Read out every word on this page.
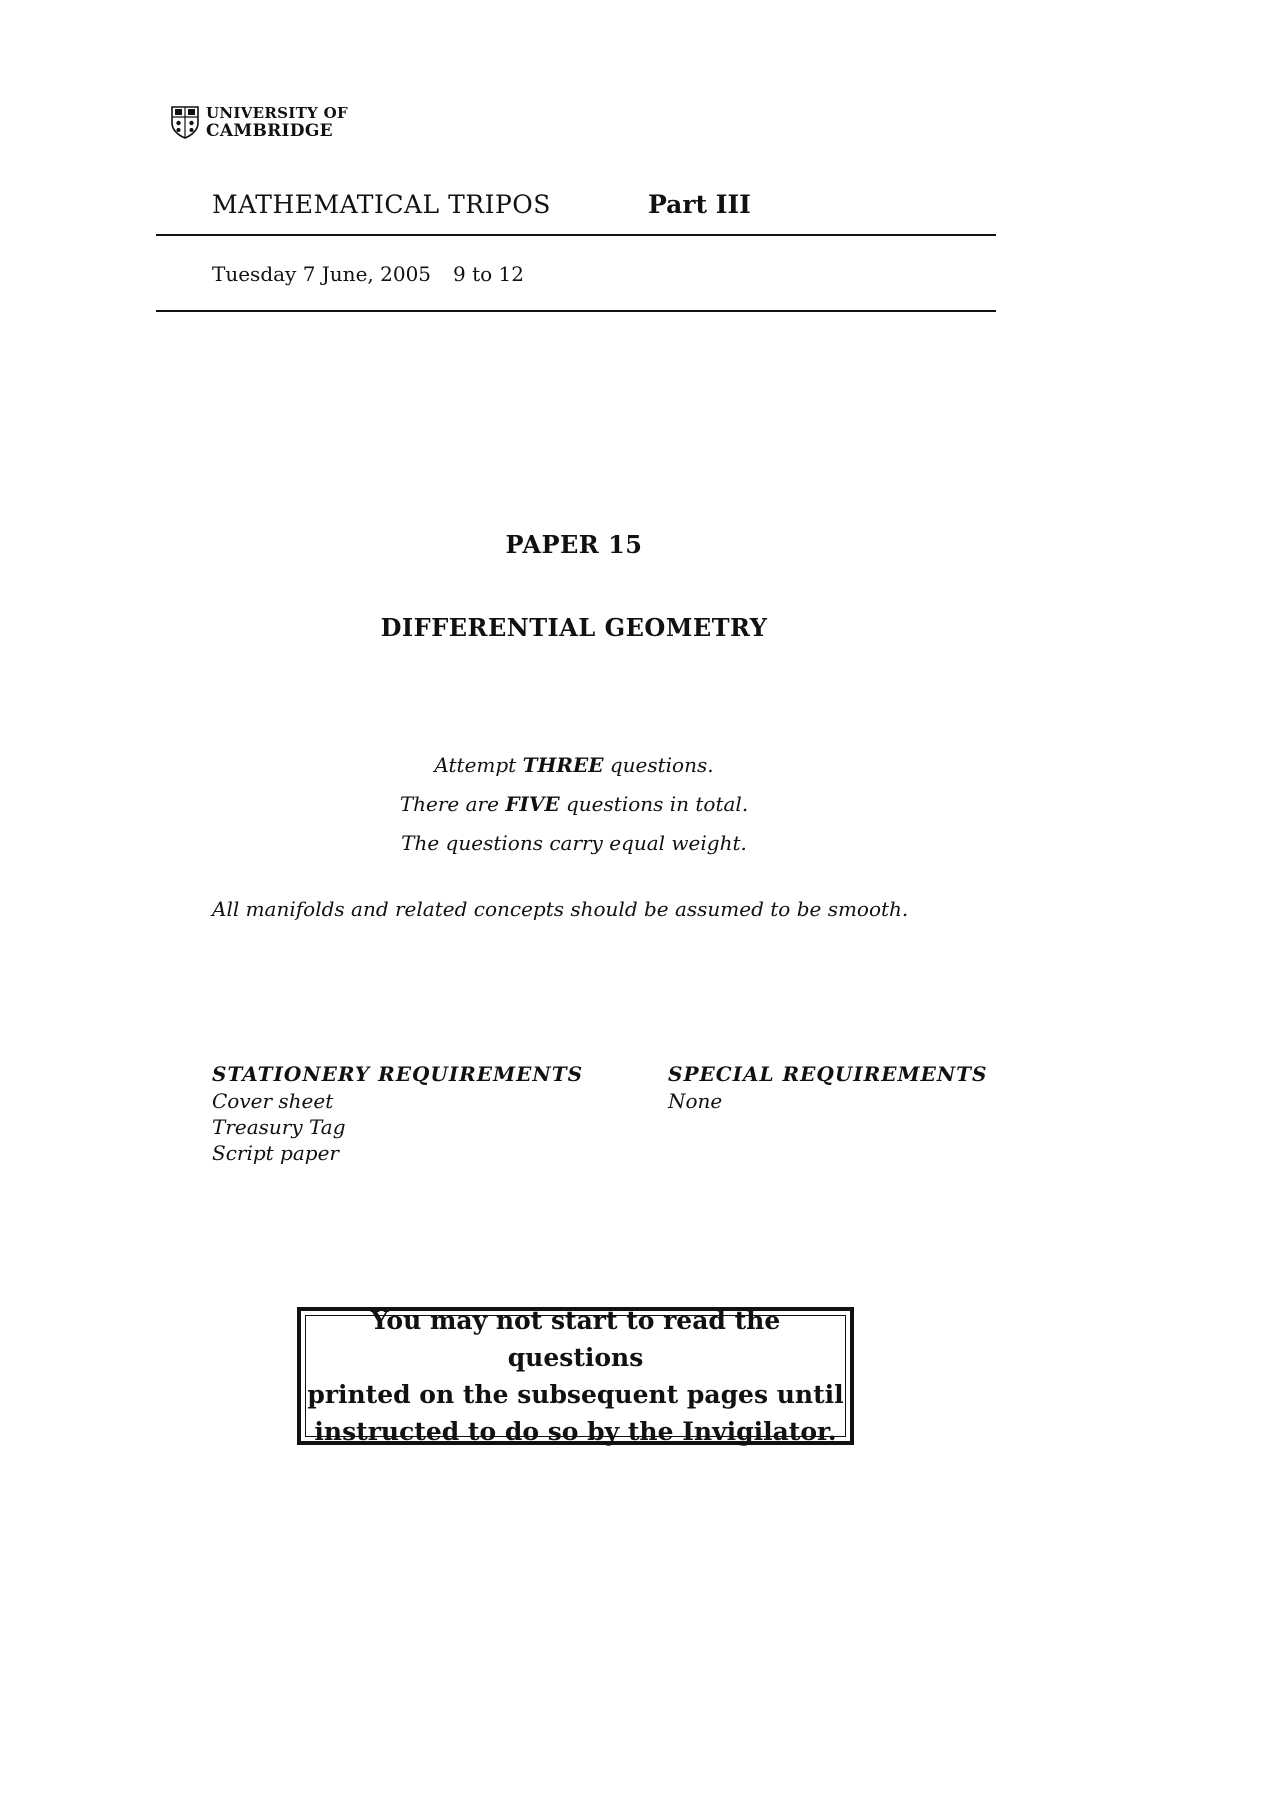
UNIVERSITY OF
CAMBRIDGE
MATHEMATICAL TRIPOS	Part III
Tuesday 7 June, 2005 9 to 12
PAPER 15
DIFFERENTIAL GEOMETRY
Attempt THREE questions.
There are FIVE questions in total.
The questions carry equal weight.
All manifolds and related concepts should be assumed to be smooth.
STATIONERY REQUIREMENTS
Cover sheet
Treasury Tag
Script paper
SPECIAL REQUIREMENTS
None
You may not start to read the questions
printed on the subsequent pages until
instructed to do so by the Invigilator.
